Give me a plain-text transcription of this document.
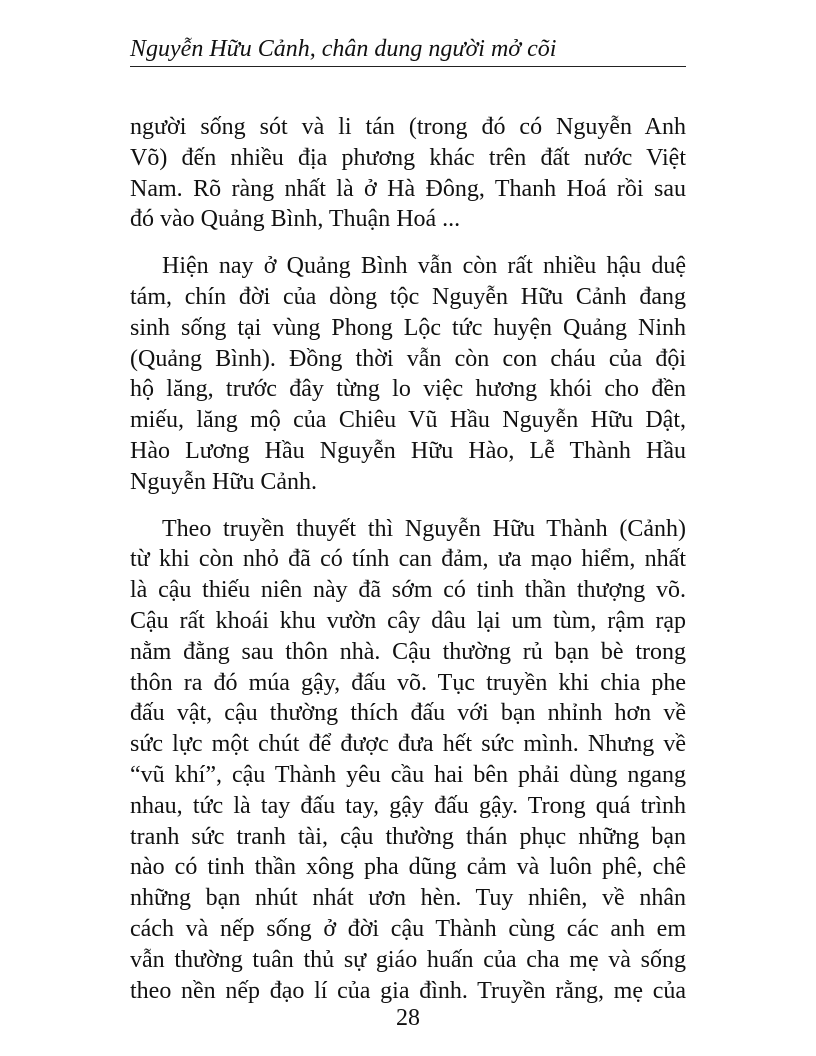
Nguyễn Hữu Cảnh, chân dung người mở cõi
người sống sót và li tán (trong đó có Nguyễn Anh
Võ) đến nhiều địa phương khác trên đất nước Việt
Nam. Rõ ràng nhất là ở Hà Đông, Thanh Hoá rồi sau
đó vào Quảng Bình, Thuận Hoá ...
Hiện nay ở Quảng Bình vẫn còn rất nhiều hậu duệ
tám, chín đời của dòng tộc Nguyễn Hữu Cảnh đang
sinh sống tại vùng Phong Lộc tức huyện Quảng Ninh
(Quảng Bình). Đồng thời vẫn còn con cháu của đội
hộ lăng, trước đây từng lo việc hương khói cho đền
miếu, lăng mộ của Chiêu Vũ Hầu Nguyễn Hữu Dật,
Hào Lương Hầu Nguyễn Hữu Hào, Lễ Thành Hầu
Nguyễn Hữu Cảnh.
Theo truyền thuyết thì Nguyễn Hữu Thành (Cảnh)
từ khi còn nhỏ đã có tính can đảm, ưa mạo hiểm, nhất
là cậu thiếu niên này đã sớm có tinh thần thượng võ.
Cậu rất khoái khu vườn cây dâu lại um tùm, rậm rạp
nằm đằng sau thôn nhà. Cậu thường rủ bạn bè trong
thôn ra đó múa gậy, đấu võ. Tục truyền khi chia phe
đấu vật, cậu thường thích đấu với bạn nhỉnh hơn về
sức lực một chút để được đưa hết sức mình. Nhưng về
“vũ khí”, cậu Thành yêu cầu hai bên phải dùng ngang
nhau, tức là tay đấu tay, gậy đấu gậy. Trong quá trình
tranh sức tranh tài, cậu thường thán phục những bạn
nào có tinh thần xông pha dũng cảm và luôn phê, chê
những bạn nhút nhát ươn hèn. Tuy nhiên, về nhân
cách và nếp sống ở đời cậu Thành cùng các anh em
vẫn thường tuân thủ sự giáo huấn của cha mẹ và sống
theo nền nếp đạo lí của gia đình. Truyền rằng, mẹ của
28
